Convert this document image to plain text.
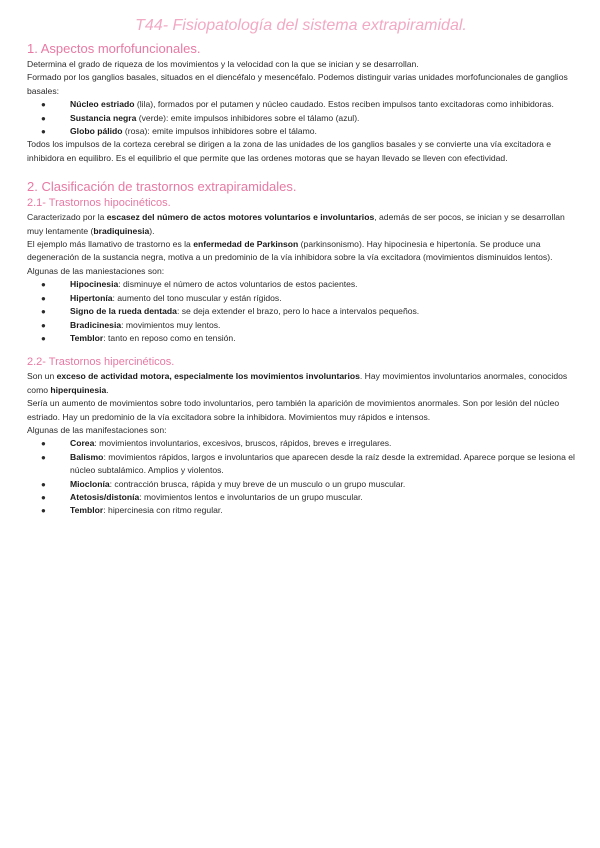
T44- Fisiopatología del sistema extrapiramidal.
1. Aspectos morfofuncionales.

Determina el grado de riqueza de los movimientos y la velocidad con la que se inician y se desarrollan.

Formado por los ganglios basales, situados en el diencéfalo y mesencéfalo. Podemos distinguir varias unidades morfofuncionales de ganglios basales:

●	Núcleo estriado (lila), formados por el putamen y núcleo caudado. Estos reciben impulsos tanto excitadoras como inhibidoras.
●	Sustancia negra (verde): emite impulsos inhibidores sobre el tálamo (azul).
●	Globo pálido (rosa): emite impulsos inhibidores sobre el tálamo.

Todos los impulsos de la corteza cerebral se dirigen a la zona de las unidades de los ganglios basales y se convierte una vía excitadora e inhibidora en equilibro. Es el equilibrio el que permite que las ordenes motoras que se hayan llevado se lleven con efectividad.

2. Clasificación de trastornos extrapiramidales.
2.1- Trastornos hipocinéticos.

Caracterizado por la escasez del número de actos motores voluntarios e involuntarios, además de ser pocos, se inician y se desarrollan muy lentamente (bradiquinesia).

El ejemplo más llamativo de trastorno es la enfermedad de Parkinson (parkinsonismo). Hay hipocinesia e hipertonía. Se produce una degeneración de la sustancia negra, motiva a un predominio de la vía inhibidora sobre la vía excitadora (movimientos disminuidos lentos). Algunas de las maniestaciones son:

●	Hipocinesia: disminuye el número de actos voluntarios de estos pacientes.
●	Hipertonía: aumento del tono muscular y están rígidos.
●	Signo de la rueda dentada: se deja extender el brazo, pero lo hace a intervalos pequeños.
●	Bradicinesia: movimientos muy lentos.
●	Temblor: tanto en reposo como en tensión.
2.2- Trastornos hipercinéticos.

Son un exceso de actividad motora, especialmente los movimientos involuntarios. Hay movimientos involuntarios anormales, conocidos como hiperquinesia.

Sería un aumento de movimientos sobre todo involuntarios, pero también la aparición de movimientos anormales. Son por lesión del núcleo estriado. Hay un predominio de la vía excitadora sobre la inhibidora. Movimientos muy rápidos e intensos.

Algunas de las manifestaciones son:

●	Corea: movimientos involuntarios, excesivos, bruscos, rápidos, breves e irregulares.
●	Balismo: movimientos rápidos, largos e involuntarios que aparecen desde la raíz desde la extremidad. Aparece porque se lesiona el núcleo subtalámico. Amplios y violentos.
●	Mioclonía: contracción brusca, rápida y muy breve de un musculo o un grupo muscular.
●	Atetosis/distonía: movimientos lentos e involuntarios de un grupo muscular.
●	Temblor: hipercinesia con ritmo regular.
